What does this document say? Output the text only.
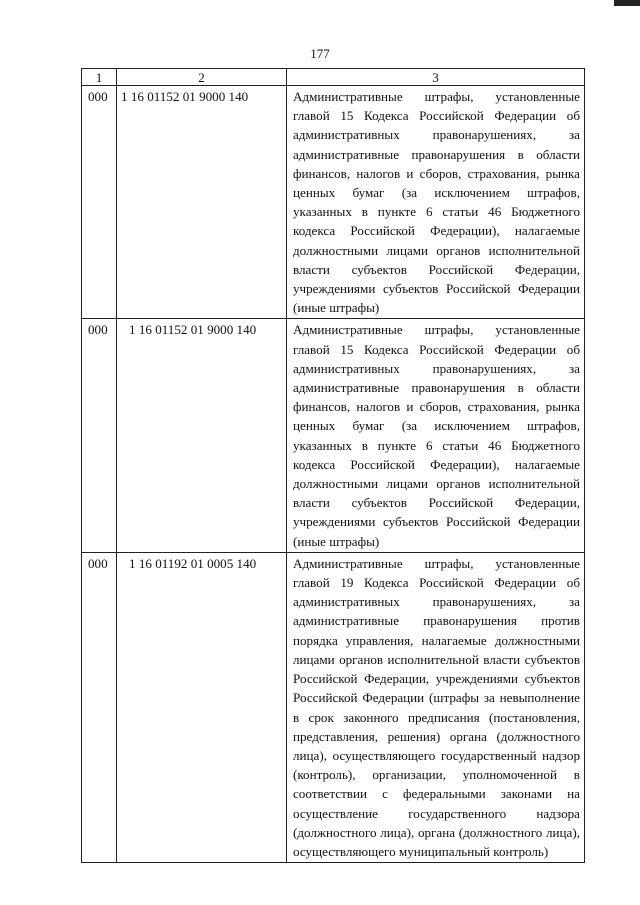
177
1	2	3
000	1 16 01152 01 9000 140	Административные штрафы, установленные главой 15 Кодекса Российской Федерации об административных правонарушениях, за административные правонарушения в области финансов, налогов и сборов, страхования, рынка ценных бумаг (за исключением штрафов, указанных в пункте 6 статьи 46 Бюджетного кодекса Российской Федерации), налагаемые должностными лицами органов исполнительной власти субъектов Российской Федерации, учреждениями субъектов Российской Федерации (иные штрафы)
000	1 16 01152 01 9000 140	Административные штрафы, установленные главой 15 Кодекса Российской Федерации об административных правонарушениях, за административные правонарушения в области финансов, налогов и сборов, страхования, рынка ценных бумаг (за исключением штрафов, указанных в пункте 6 статьи 46 Бюджетного кодекса Российской Федерации), налагаемые должностными лицами органов исполнительной власти субъектов Российской Федерации, учреждениями субъектов Российской Федерации (иные штрафы)
000	1 16 01192 01 0005 140	Административные штрафы, установленные главой 19 Кодекса Российской Федерации об административных правонарушениях, за административные правонарушения против порядка управления, налагаемые должностными лицами органов исполнительной власти субъектов Российской Федерации, учреждениями субъектов Российской Федерации (штрафы за невыполнение в срок законного предписания (постановления, представления, решения) органа (должностного лица), осуществляющего государственный надзор (контроль), организации, уполномоченной в соответствии с федеральными законами на осуществление государственного надзора (должностного лица), органа (должностного лица), осуществляющего муниципальный контроль)
